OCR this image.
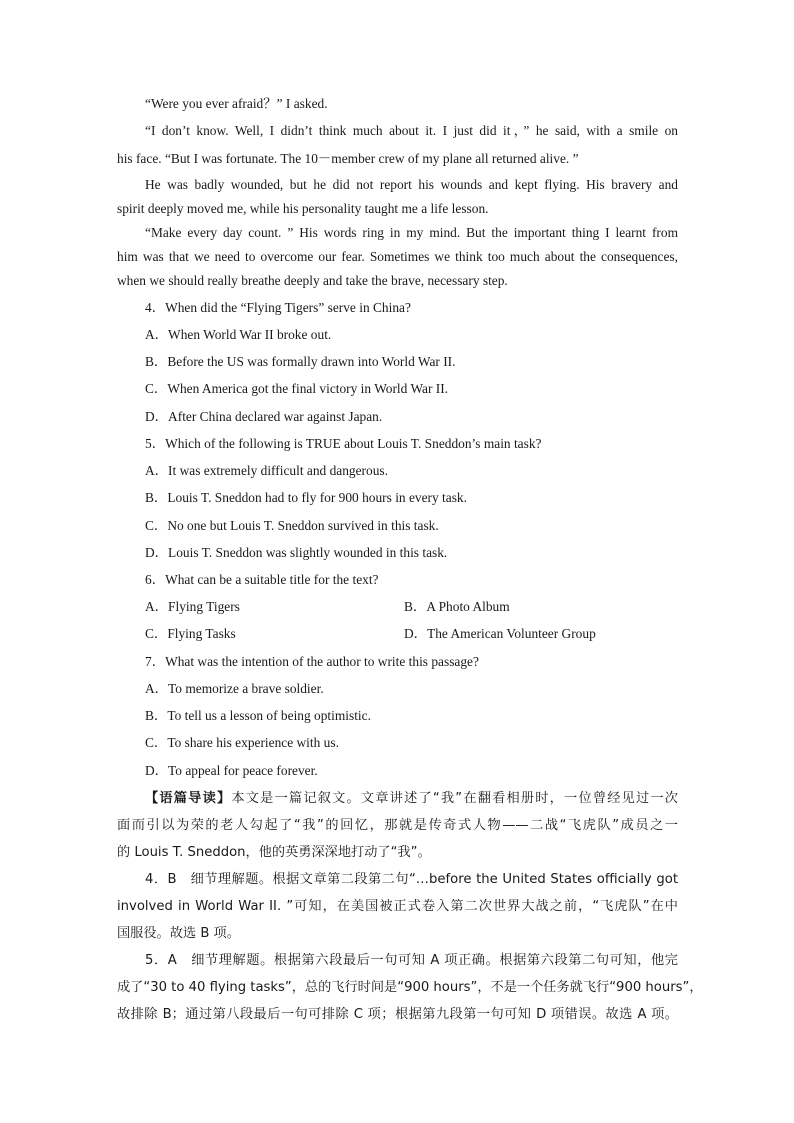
“Were you ever afraid？” I asked.
“I don’t know. Well, I didn’t think much about it. I just did it，” he said, with a smile on
his face. “But I was fortunate. The 10－member crew of my plane all returned alive. ”
He was badly wounded, but he did not report his wounds and kept flying. His bravery and
spirit deeply moved me, while his personality taught me a life lesson.
“Make every day count. ” His words ring in my mind. But the important thing I learnt from
him was that we need to overcome our fear. Sometimes we think too much about the consequences,
when we should really breathe deeply and take the brave, necessary step.
4．When did the “Flying Tigers” serve in China?
A．When World War II broke out.
B．Before the US was formally drawn into World War II.
C．When America got the final victory in World War II.
D．After China declared war against Japan.
5．Which of the following is TRUE about Louis T. Sneddon’s main task?
A．It was extremely difficult and dangerous.
B．Louis T. Sneddon had to fly for 900 hours in every task.
C．No one but Louis T. Sneddon survived in this task.
D．Louis T. Sneddon was slightly wounded in this task.
6．What can be a suitable title for the text?
A．Flying Tigers	B．A Photo Album
C．Flying Tasks	D．The American Volunteer Group
7．What was the intention of the author to write this passage?
A．To memorize a brave soldier.
B．To tell us a lesson of being optimistic.
C．To share his experience with us.
D．To appeal for peace forever.
【语篇导读】本文是一篇记叙文。文章讲述了“我”在翻看相册时，一位曾经见过一次
面而引以为荣的老人勾起了“我”的回忆，那就是传奇式人物——二战“飞虎队”成员之一
的 Louis T. Sneddon，他的英勇深深地打动了“我”。
4．B　细节理解题。根据文章第二段第二句“…before the United States officially got
involved in World War II. ”可知，在美国被正式卷入第二次世界大战之前，“飞虎队”在中
国服役。故选 B 项。
5．A　细节理解题。根据第六段最后一句可知 A 项正确。根据第六段第二句可知，他完
成了“30 to 40 flying tasks”，总的飞行时间是“900 hours”，不是一个任务就飞行“900 hours”，
故排除 B；通过第八段最后一句可排除 C 项；根据第九段第一句可知 D 项错误。故选 A 项。
